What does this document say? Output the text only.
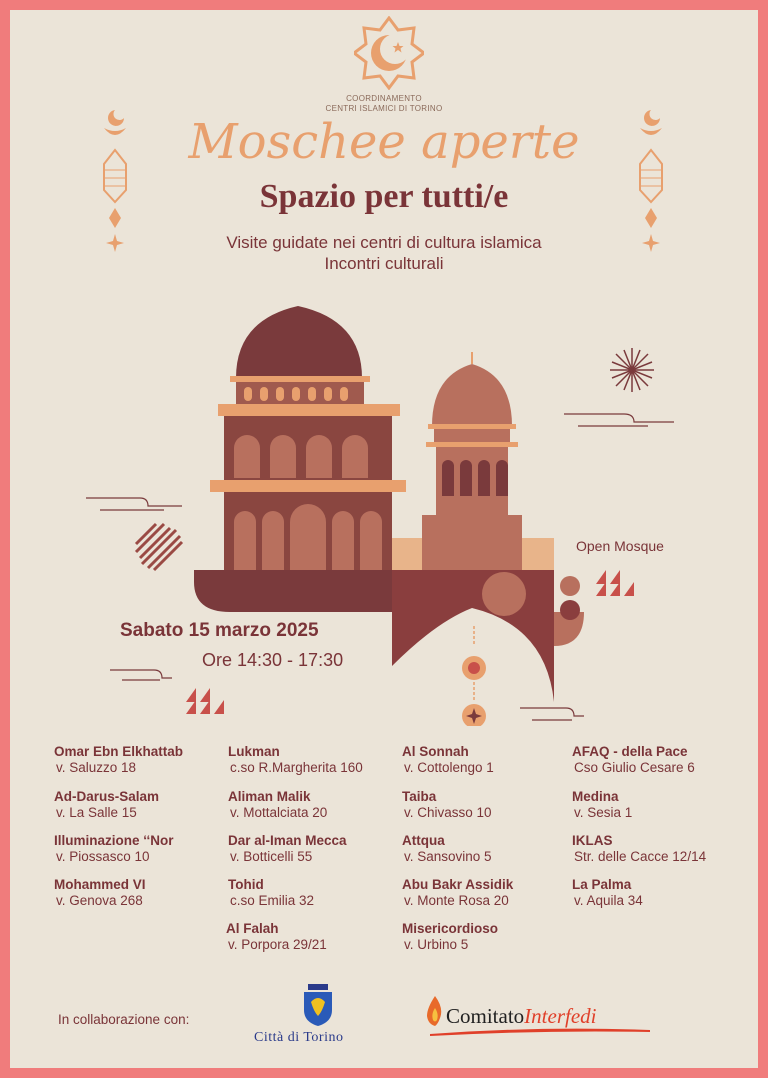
COORDINAMENTO
CENTRI ISLAMICI DI TORINO
Moschee aperte
Spazio per tutti/e
Visite guidate nei centri di cultura islamica
Incontri culturali
Open Mosque
Sabato 15 marzo 2025
Ore 14:30 - 17:30
Omar Ebn Elkhattab
v. Saluzzo 18
Ad-Darus-Salam
v. La Salle 15
Illuminazione ‘‘Nor
v. Piossasco 10
Mohammed VI
v. Genova 268
Lukman
c.so R.Margherita 160
Aliman Malik
v. Mottalciata 20
Dar al-Iman Mecca
v. Botticelli 55
Tohid
c.so Emilia 32
Al Falah
v. Porpora 29/21
Al Sonnah
v. Cottolengo 1
Taiba
v. Chivasso 10
Attqua
v. Sansovino 5
Abu Bakr Assidik
v. Monte Rosa 20
Misericordioso
v. Urbino 5
AFAQ - della Pace
Cso Giulio Cesare 6
Medina
v. Sesia 1
IKLAS
Str. delle Cacce 12/14
La Palma
v. Aquila 34
In collaborazione con:
Città di Torino
ComitatoInterfedi
